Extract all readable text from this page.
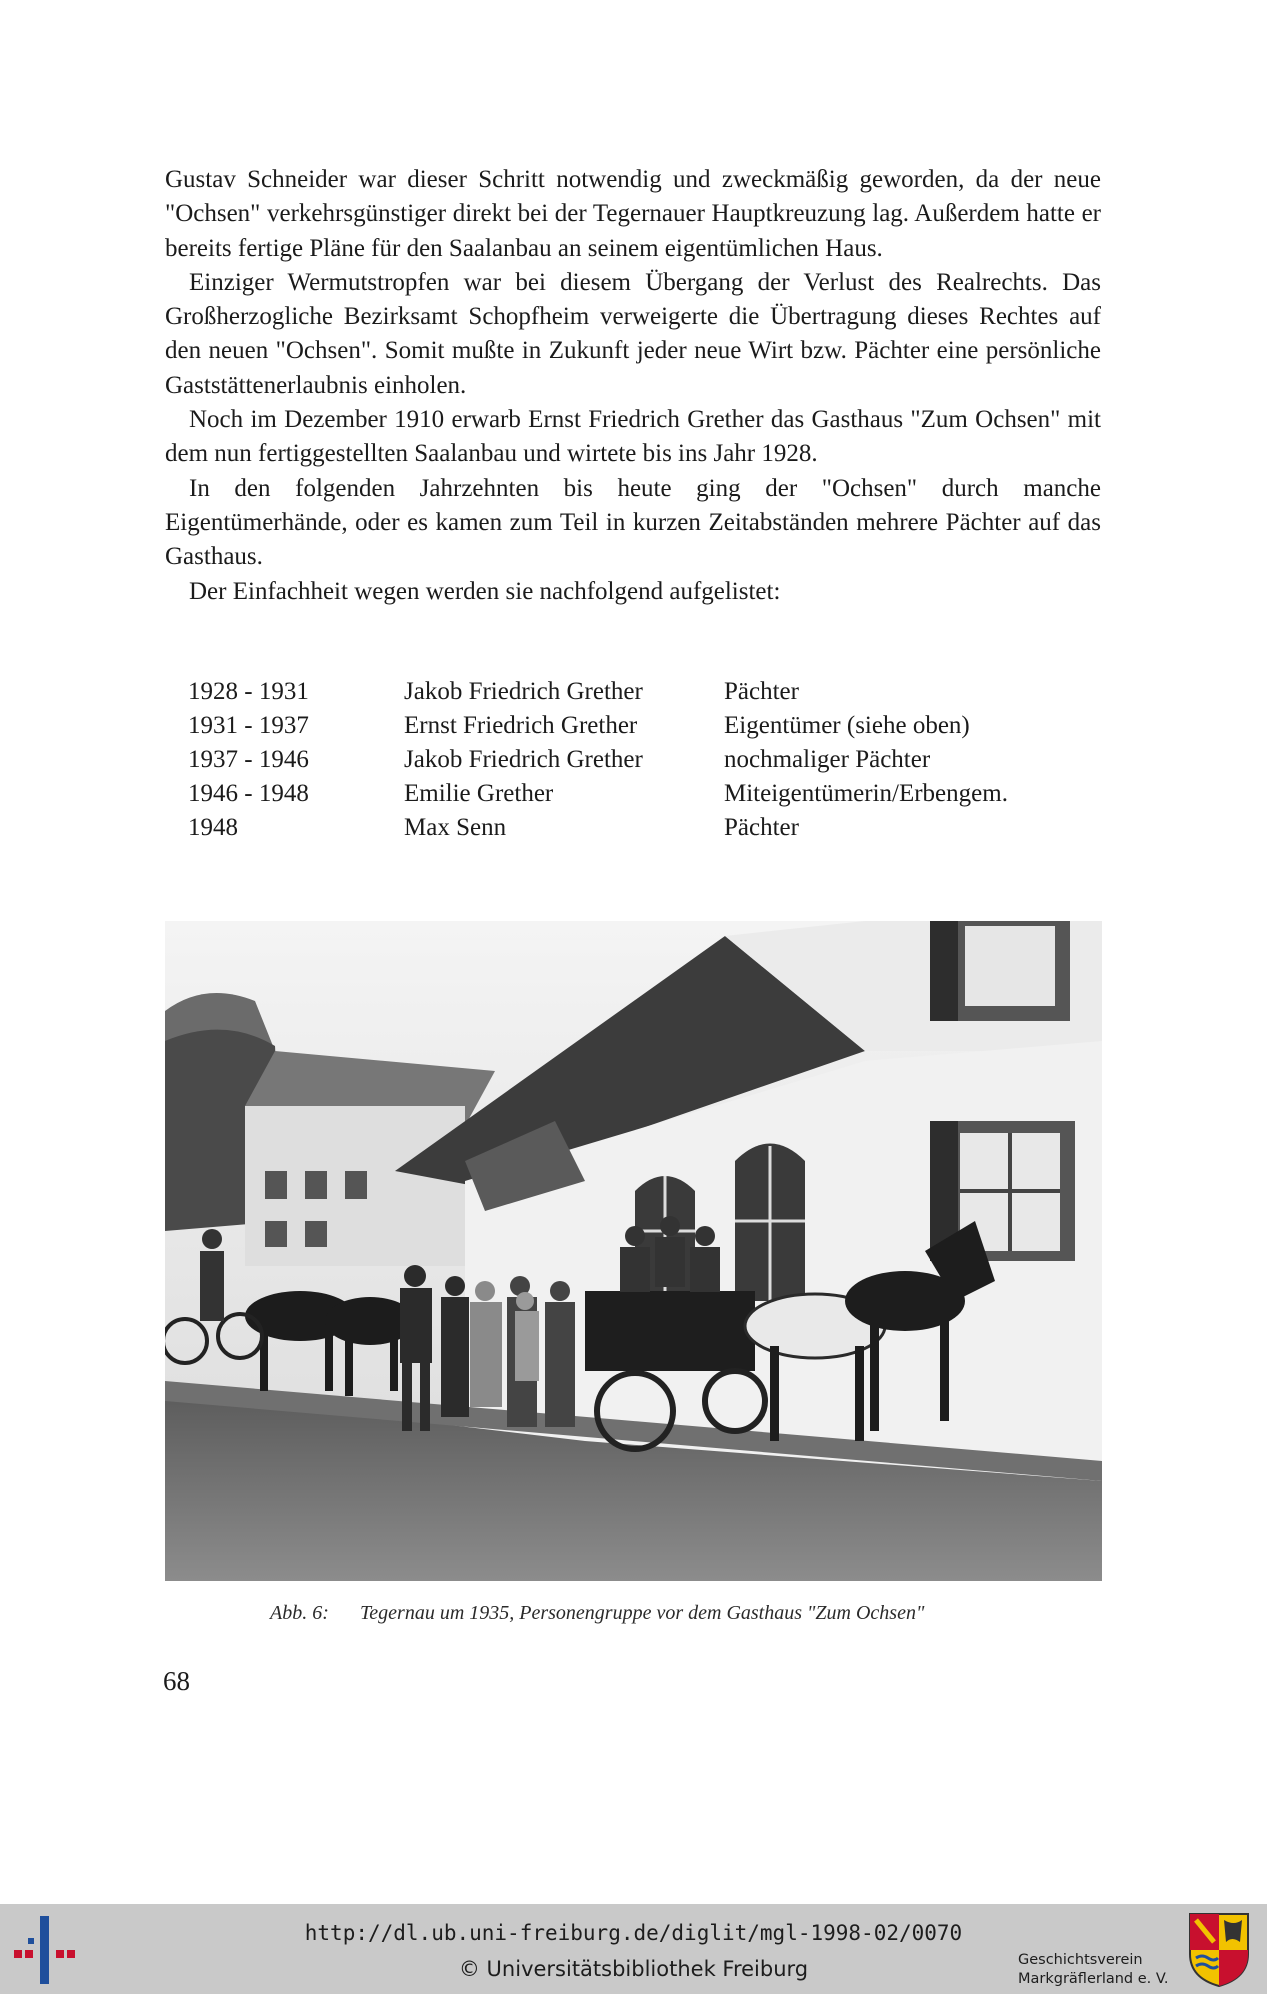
Gustav Schneider war dieser Schritt notwendig und zweckmäßig geworden, da der neue "Ochsen" verkehrsgünstiger direkt bei der Tegernauer Hauptkreuzung lag. Außerdem hatte er bereits fertige Pläne für den Saalanbau an seinem eigentümlichen Haus.

Einziger Wermutstropfen war bei diesem Übergang der Verlust des Realrechts. Das Großherzogliche Bezirksamt Schopfheim verweigerte die Übertragung dieses Rechtes auf den neuen "Ochsen". Somit mußte in Zukunft jeder neue Wirt bzw. Pächter eine persönliche Gaststättenerlaubnis einholen.

Noch im Dezember 1910 erwarb Ernst Friedrich Grether das Gasthaus "Zum Ochsen" mit dem nun fertiggestellten Saalanbau und wirtete bis ins Jahr 1928.

In den folgenden Jahrzehnten bis heute ging der "Ochsen" durch manche Eigentümerhände, oder es kamen zum Teil in kurzen Zeitabständen mehrere Pächter auf das Gasthaus.

Der Einfachheit wegen werden sie nachfolgend aufgelistet:

1928 - 1931	Jakob Friedrich Grether	Pächter
1931 - 1937	Ernst Friedrich Grether	Eigentümer (siehe oben)
1937 - 1946	Jakob Friedrich Grether	nochmaliger Pächter
1946 - 1948	Emilie Grether	Miteigentümerin/Erbengem.
1948	Max Senn	Pächter
Abb. 6: Tegernau um 1935, Personengruppe vor dem Gasthaus "Zum Ochsen"
68
http://dl.ub.uni-freiburg.de/diglit/mgl-1998-02/0070
© Universitätsbibliothek Freiburg	Geschichtsverein
Markgräflerland e. V.
